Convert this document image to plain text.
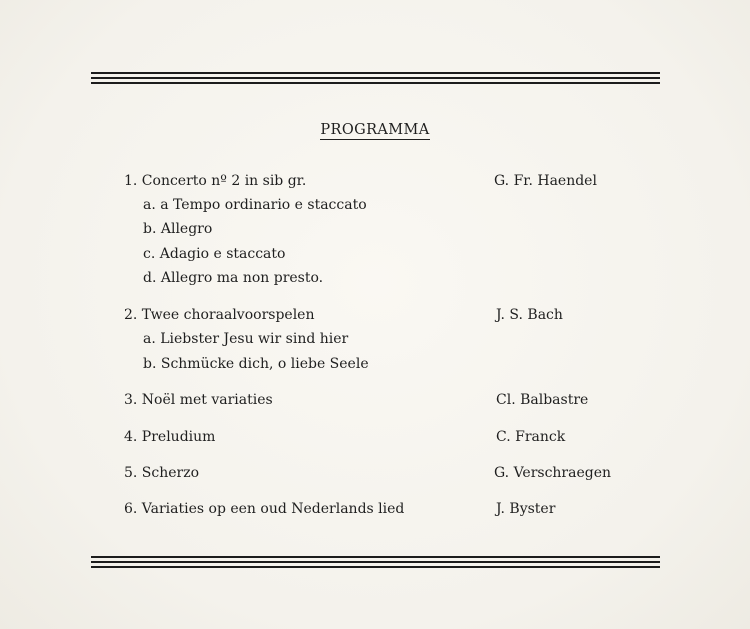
PROGRAMMA
1. Concerto nº 2 in sib gr.	G. Fr. Haendel
a. a Tempo ordinario e staccato
b. Allegro
c. Adagio e staccato
d. Allegro ma non presto.
2. Twee choraalvoorspelen	J. S. Bach
a. Liebster Jesu wir sind hier
b. Schmücke dich, o liebe Seele
3. Noël met variaties	Cl. Balbastre
4. Preludium	C. Franck
5. Scherzo	G. Verschraegen
6. Variaties op een oud Nederlands lied	J. Byster
